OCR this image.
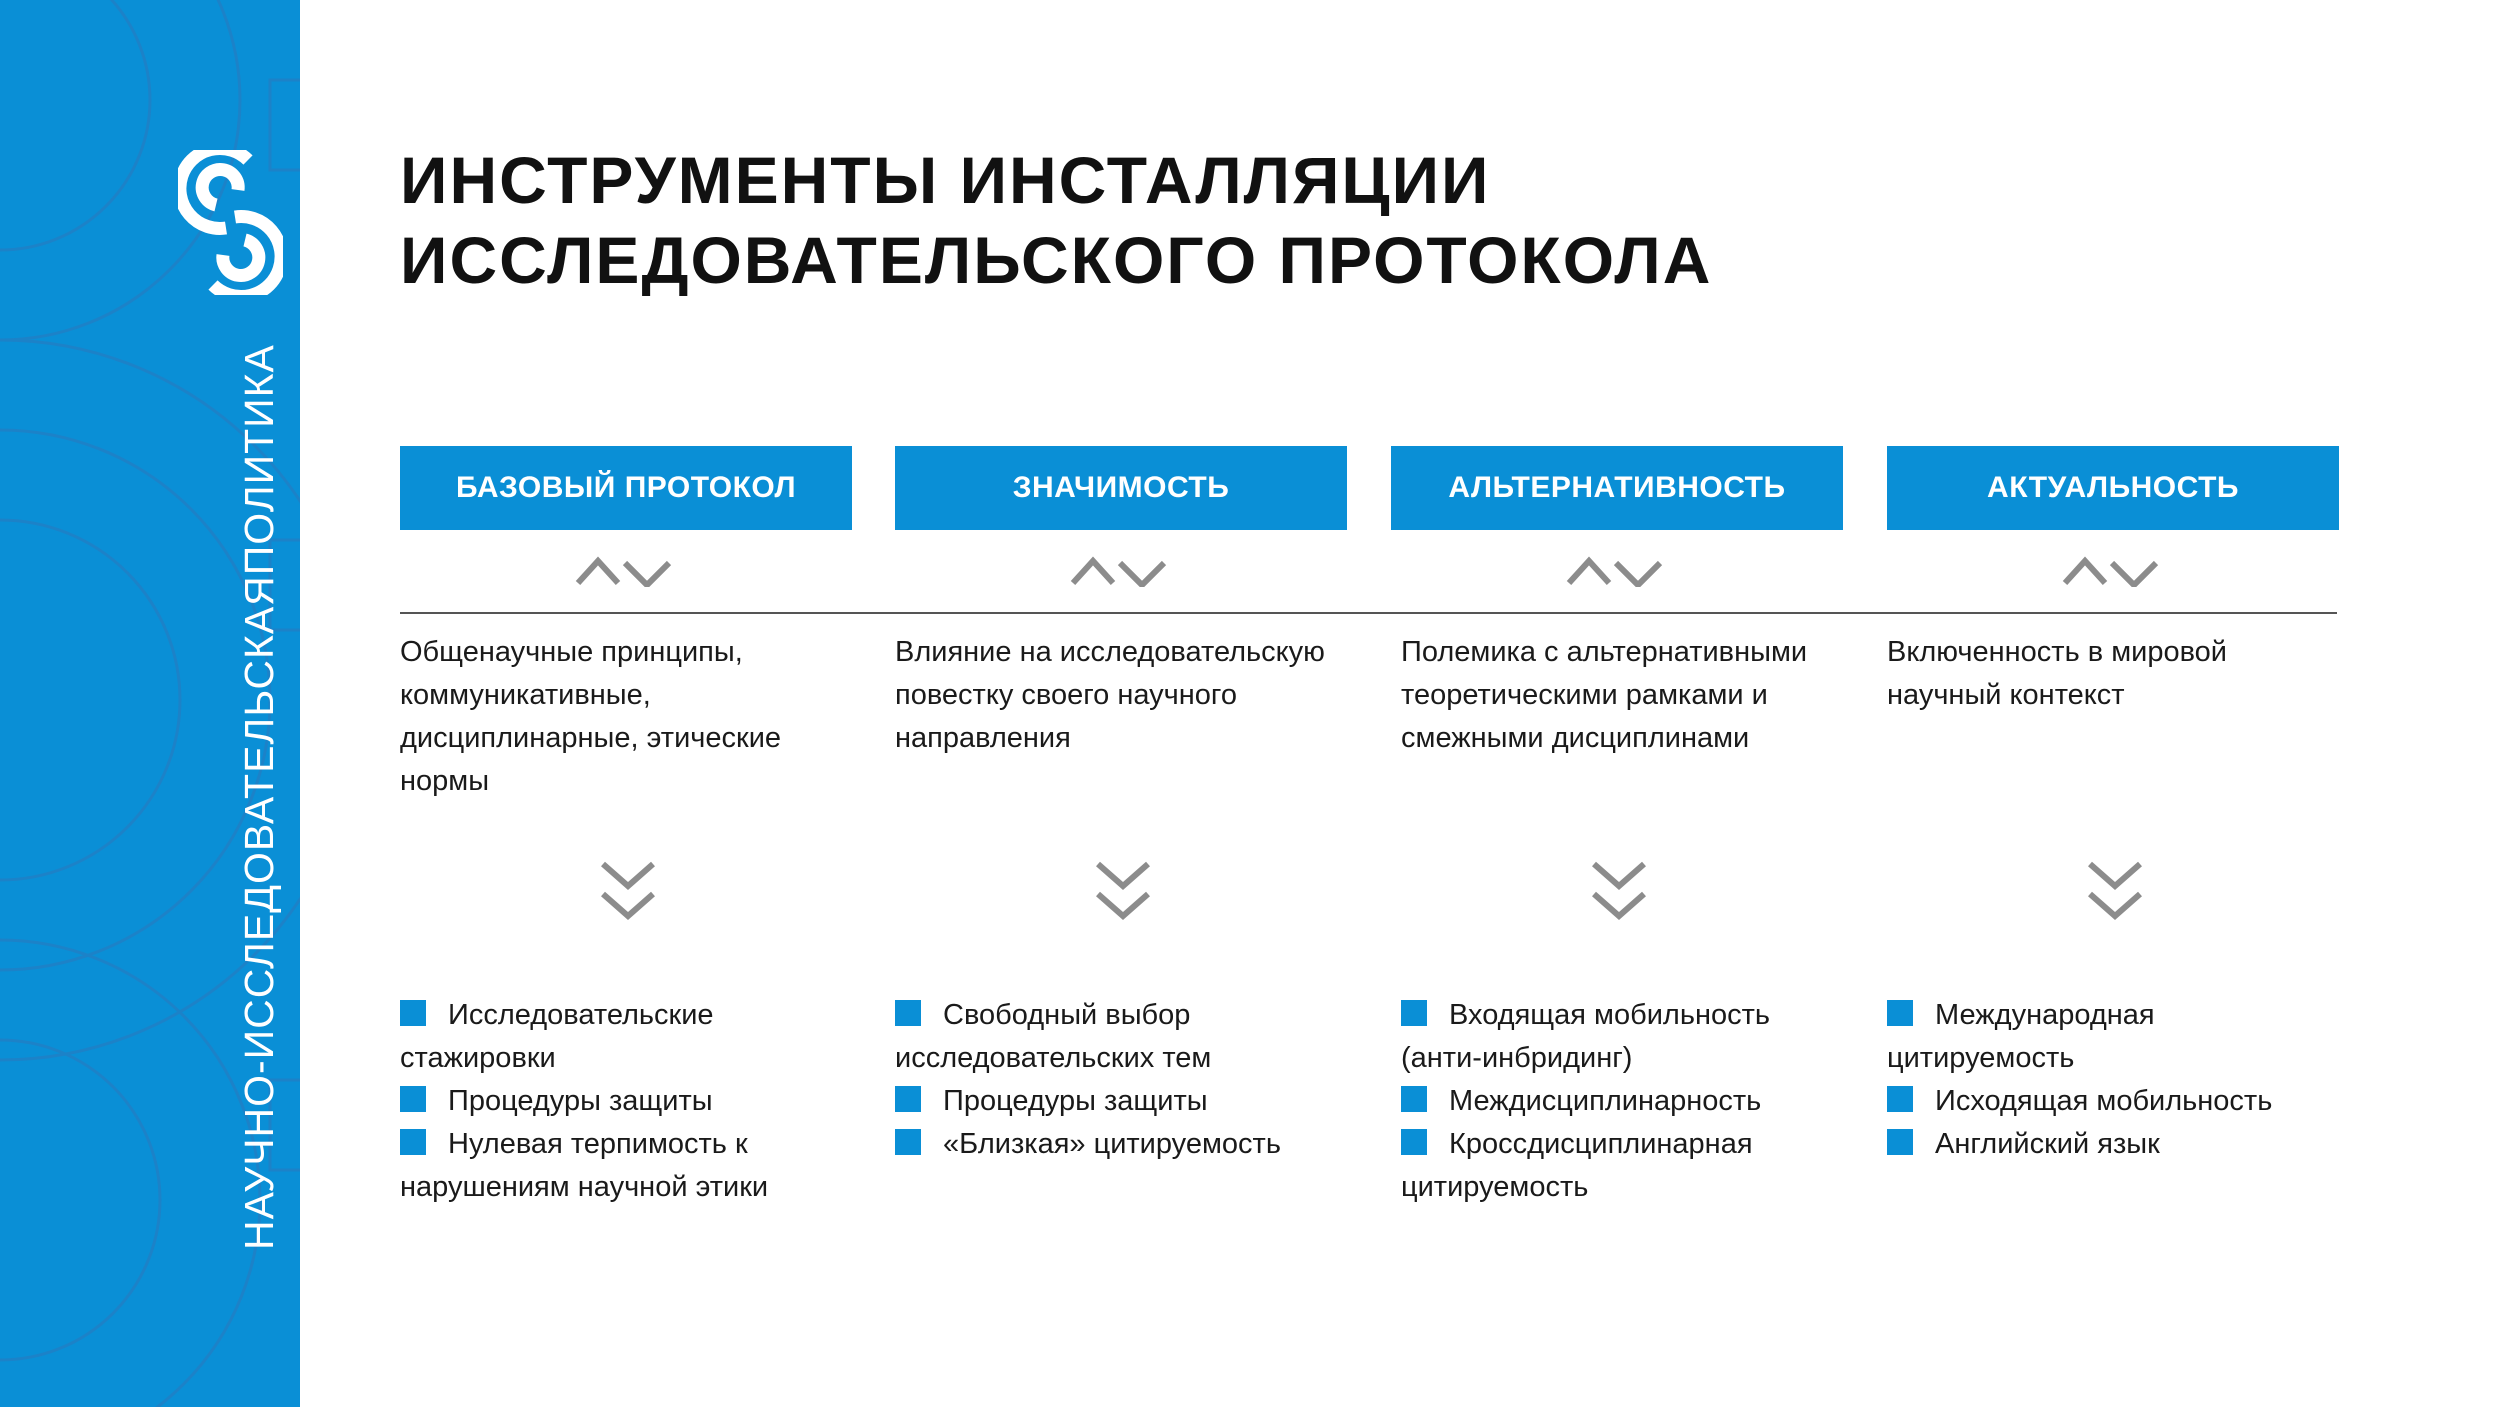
НАУЧНО-ИССЛЕДОВАТЕЛЬСКАЯПОЛИТИКА
ИНСТРУМЕНТЫ ИНСТАЛЛЯЦИИ
ИССЛЕДОВАТЕЛЬСКОГО ПРОТОКОЛА
БАЗОВЫЙ ПРОТОКОЛ
Общенаучные принципы,
коммуникативные,
дисциплинарные, этические
нормы
Исследовательские
стажировки
Процедуры защиты
Нулевая терпимость к
нарушениям научной этики
ЗНАЧИМОСТЬ
Влияние на исследовательскую
повестку своего научного
направления
Свободный выбор
исследовательских тем
Процедуры защиты
«Близкая» цитируемость
АЛЬТЕРНАТИВНОСТЬ
Полемика с альтернативными
теоретическими рамками и
смежными дисциплинами
Входящая мобильность
(анти-инбридинг)
Междисциплинарность
Кроссдисциплинарная
цитируемость
АКТУАЛЬНОСТЬ
Включенность в мировой
научный контекст
Международная
цитируемость
Исходящая мобильность
Английский язык
